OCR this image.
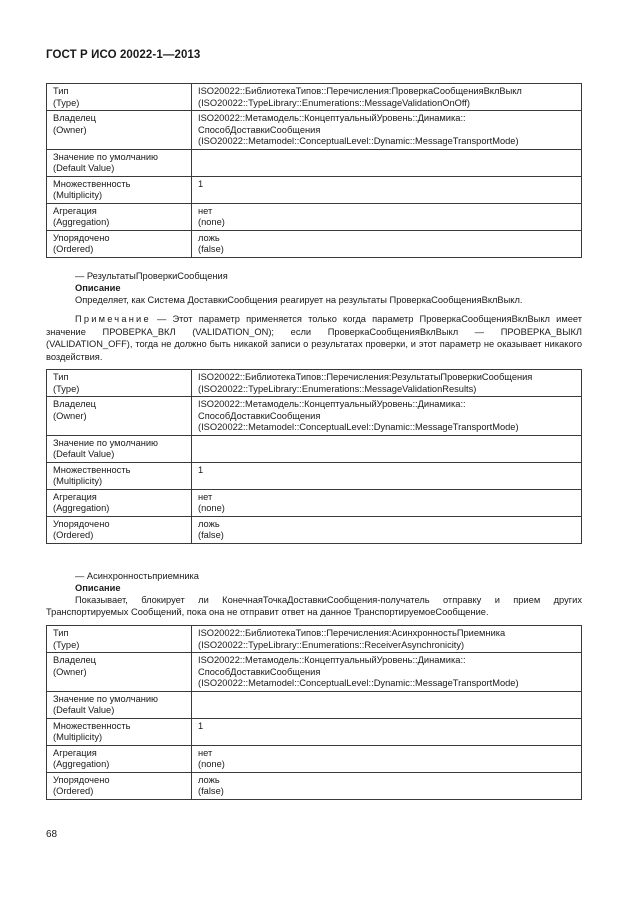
ГОСТ Р ИСО 20022-1—2013
Тип
(Type)	ISO20022::БиблиотекаТипов::Перечисления:ПроверкаСообщенияВклВыкл
(ISO20022::TypeLibrary::Enumerations::MessageValidationOnOff)

Владелец
(Owner)	ISO20022::Метамодель::КонцептуальныйУровень::Динамика::
СпособДоставкиСообщения
(ISO20022::Metamodel::ConceptualLevel::Dynamic::MessageTransportMode)

Значение по умолчанию
(Default Value)	

Множественность
(Multiplicity)	1

Агрегация
(Aggregation)	нет
(none)

Упорядочено
(Ordered)	ложь
(false)
— РезультатыПроверкиСообщения
Описание
Определяет, как Система ДоставкиСообщения реагирует на результаты ПроверкаСообщенияВклВыкл.
Примечание — Этот параметр применяется только когда параметр ПроверкаСообщенияВклВыкл имеет значение ПРОВЕРКА_ВКЛ (VALIDATION_ON); если ПроверкаСообщенияВклВыкл — ПРОВЕРКА_ВЫКЛ (VALIDATION_OFF), тогда не должно быть никакой записи о результатах проверки, и этот параметр не оказывает никакого воздействия.
Тип
(Type)	ISO20022::БиблиотекаТипов::Перечисления:РезультатыПроверкиСообщения
(ISO20022::TypeLibrary::Enumerations::MessageValidationResults)

Владелец
(Owner)	ISO20022::Метамодель::КонцептуальныйУровень::Динамика::
СпособДоставкиСообщения
(ISO20022::Metamodel::ConceptualLevel::Dynamic::MessageTransportMode)

Значение по умолчанию
(Default Value)	

Множественность
(Multiplicity)	1

Агрегация
(Aggregation)	нет
(none)

Упорядочено
(Ordered)	ложь
(false)
— Асинхронностьприемника
Описание
Показывает, блокирует ли КонечнаяТочкаДоставкиСообщения-получатель отправку и прием других Транспортируемых Сообщений, пока она не отправит ответ на данное ТранспортируемоеСообщение.
Тип
(Type)	ISO20022::БиблиотекаТипов::Перечисления:АсинхронностьПриемника
(ISO20022::TypeLibrary::Enumerations::ReceiverAsynchronicity)

Владелец
(Owner)	ISO20022::Метамодель::КонцептуальныйУровень::Динамика::
СпособДоставкиСообщения
(ISO20022::Metamodel::ConceptualLevel::Dynamic::MessageTransportMode)

Значение по умолчанию
(Default Value)	

Множественность
(Multiplicity)	1

Агрегация
(Aggregation)	нет
(none)

Упорядочено
(Ordered)	ложь
(false)
68
